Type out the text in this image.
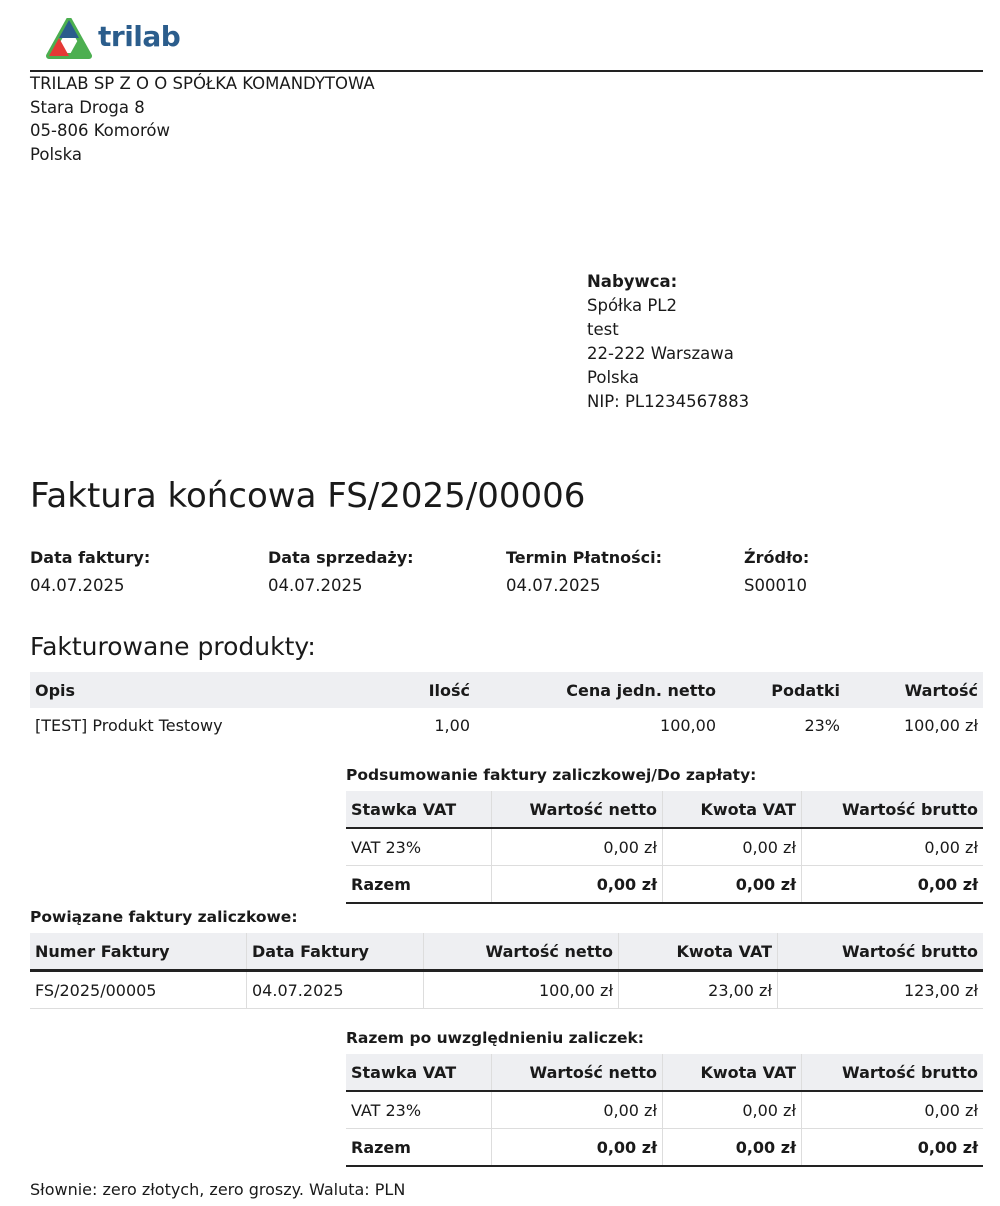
trilab
TRILAB SP Z O O SPÓŁKA KOMANDYTOWA
Stara Droga 8
05-806 Komorów
Polska
Nabywca:
Spółka PL2
test
22-222 Warszawa
Polska
NIP: PL1234567883
Faktura końcowa FS/2025/00006
Data faktury:
04.07.2025
Data sprzedaży:
04.07.2025
Termin Płatności:
04.07.2025
Źródło:
S00010
Fakturowane produkty:
Opis	Ilość	Cena jedn. netto	Podatki	Wartość
[TEST] Produkt Testowy	1,00	100,00	23%	100,00 zł
Podsumowanie faktury zaliczkowej/Do zapłaty:
Stawka VAT	Wartość netto	Kwota VAT	Wartość brutto
VAT 23%	0,00 zł	0,00 zł	0,00 zł
Razem	0,00 zł	0,00 zł	0,00 zł
Powiązane faktury zaliczkowe:
Numer Faktury	Data Faktury	Wartość netto	Kwota VAT	Wartość brutto
FS/2025/00005	04.07.2025	100,00 zł	23,00 zł	123,00 zł
Razem po uwzględnieniu zaliczek:
Stawka VAT	Wartość netto	Kwota VAT	Wartość brutto
VAT 23%	0,00 zł	0,00 zł	0,00 zł
Razem	0,00 zł	0,00 zł	0,00 zł
Słownie: zero złotych, zero groszy. Waluta: PLN
